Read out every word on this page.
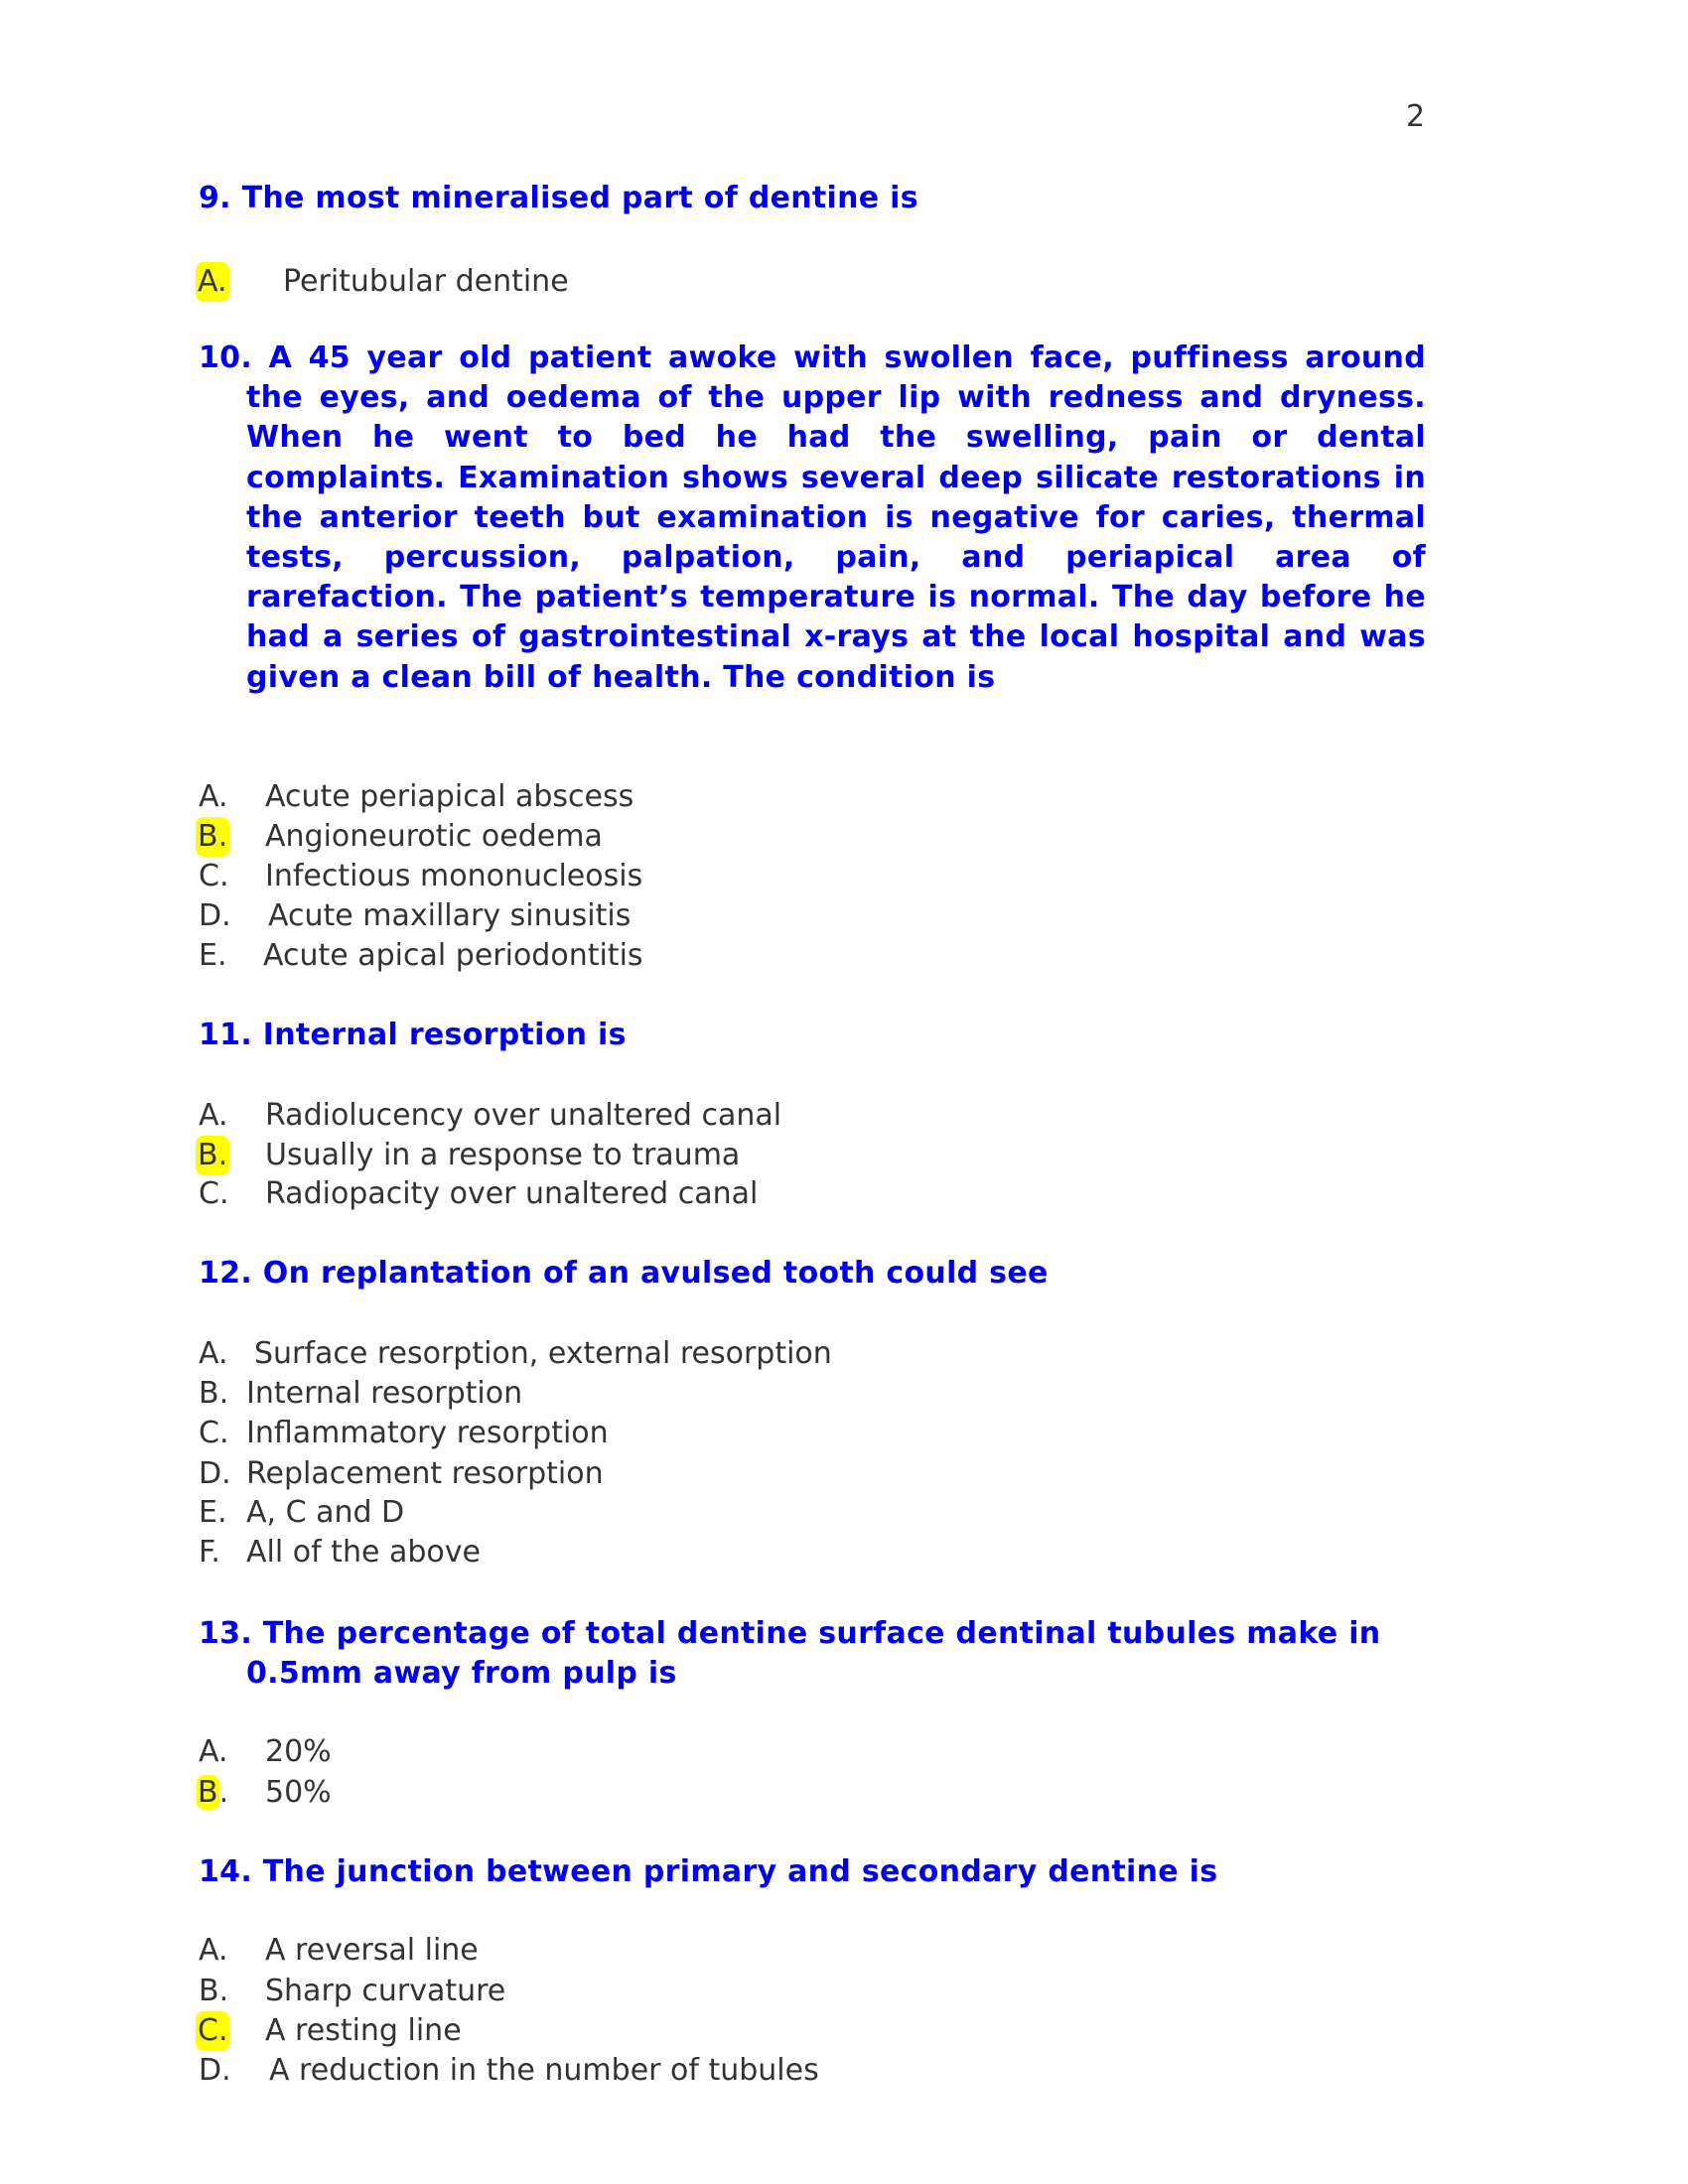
2
9. The most mineralised part of dentine is
A. Peritubular dentine
10. A 45 year old patient awoke with swollen face, puffiness around the eyes, and oedema of the upper lip with redness and dryness. When he went to bed he had the swelling, pain or dental complaints. Examination shows several deep silicate restorations in the anterior teeth but examination is negative for caries, thermal tests, percussion, palpation, pain, and periapical area of rarefaction. The patient’s temperature is normal. The day before he had a series of gastrointestinal x-rays at the local hospital and was given a clean bill of health. The condition is
A. Acute periapical abscess
B. Angioneurotic oedema
C. Infectious mononucleosis
D. Acute maxillary sinusitis
E. Acute apical periodontitis
11. Internal resorption is
A. Radiolucency over unaltered canal
B. Usually in a response to trauma
C. Radiopacity over unaltered canal
12. On replantation of an avulsed tooth could see
A. Surface resorption, external resorption
B. Internal resorption
C. Inflammatory resorption
D. Replacement resorption
E. A, C and D
F. All of the above
13. The percentage of total dentine surface dentinal tubules make in 0.5mm away from pulp is
A. 20%
B. 50%
14. The junction between primary and secondary dentine is
A. A reversal line
B. Sharp curvature
C. A resting line
D. A reduction in the number of tubules
